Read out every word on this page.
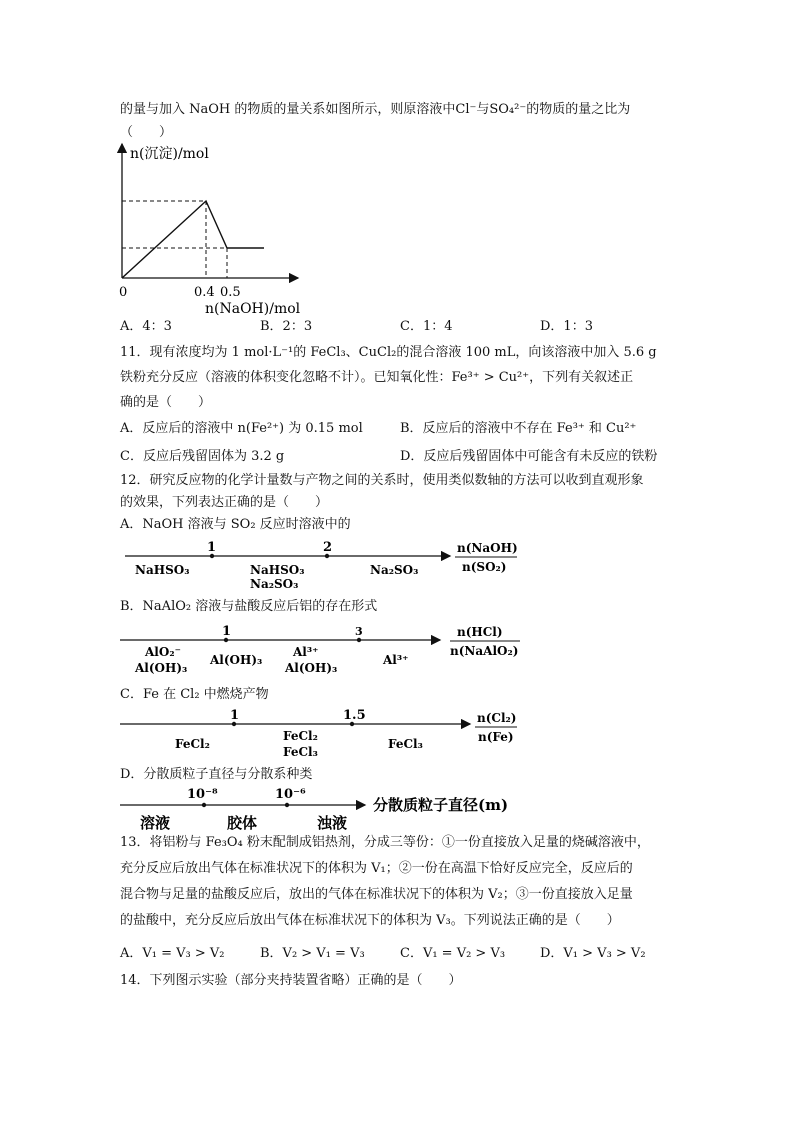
的量与加入 NaOH 的物质的量关系如图所示，则原溶液中Cl⁻与SO₄²⁻的物质的量之比为
（　　）
n(沉淀)/mol
0	0.4 0.5
n(NaOH)/mol
A．4：3	B．2：3	C．1：4	D．1：3
11．现有浓度均为 1 mol·L⁻¹的 FeCl₃、CuCl₂的混合溶液 100 mL，向该溶液中加入 5.6 g
铁粉充分反应（溶液的体积变化忽略不计）。已知氧化性：Fe³⁺ > Cu²⁺，下列有关叙述正
确的是（　　）
A．反应后的溶液中 n(Fe²⁺) 为 0.15 mol	B．反应后的溶液中不存在 Fe³⁺ 和 Cu²⁺
C．反应后残留固体为 3.2 g	D．反应后残留固体中可能含有未反应的铁粉
12．研究反应物的化学计量数与产物之间的关系时，使用类似数轴的方法可以收到直观形象
的效果，下列表达正确的是（　　）
A．NaOH 溶液与 SO₂ 反应时溶液中的
1	2
NaHSO₃	NaHSO₃
Na₂SO₃
Na₂SO₃
n(NaOH)
n(SO₂)
B．NaAlO₂ 溶液与盐酸反应后铝的存在形式
1	3
AlO₂⁻
Al(OH)₃
Al(OH)₃
Al³⁺
Al(OH)₃
Al³⁺
n(HCl)
n(NaAlO₂)
C．Fe 在 Cl₂ 中燃烧产物
1	1.5
FeCl₂
FeCl₂
FeCl₃
FeCl₃
n(Cl₂)
n(Fe)
D．分散质粒子直径与分散系种类
10⁻⁸	10⁻⁶
分散质粒子直径(m)
溶液	胶体	浊液
13．将铝粉与 Fe₃O₄ 粉末配制成铝热剂，分成三等份：①一份直接放入足量的烧碱溶液中，
充分反应后放出气体在标准状况下的体积为 V₁；②一份在高温下恰好反应完全，反应后的
混合物与足量的盐酸反应后，放出的气体在标准状况下的体积为 V₂；③一份直接放入足量
的盐酸中，充分反应后放出气体在标准状况下的体积为 V₃。下列说法正确的是（　　）
A．V₁ = V₃ > V₂	B．V₂ > V₁ = V₃	C．V₁ = V₂ > V₃	D．V₁ > V₃ > V₂
14．下列图示实验（部分夹持装置省略）正确的是（　　）
